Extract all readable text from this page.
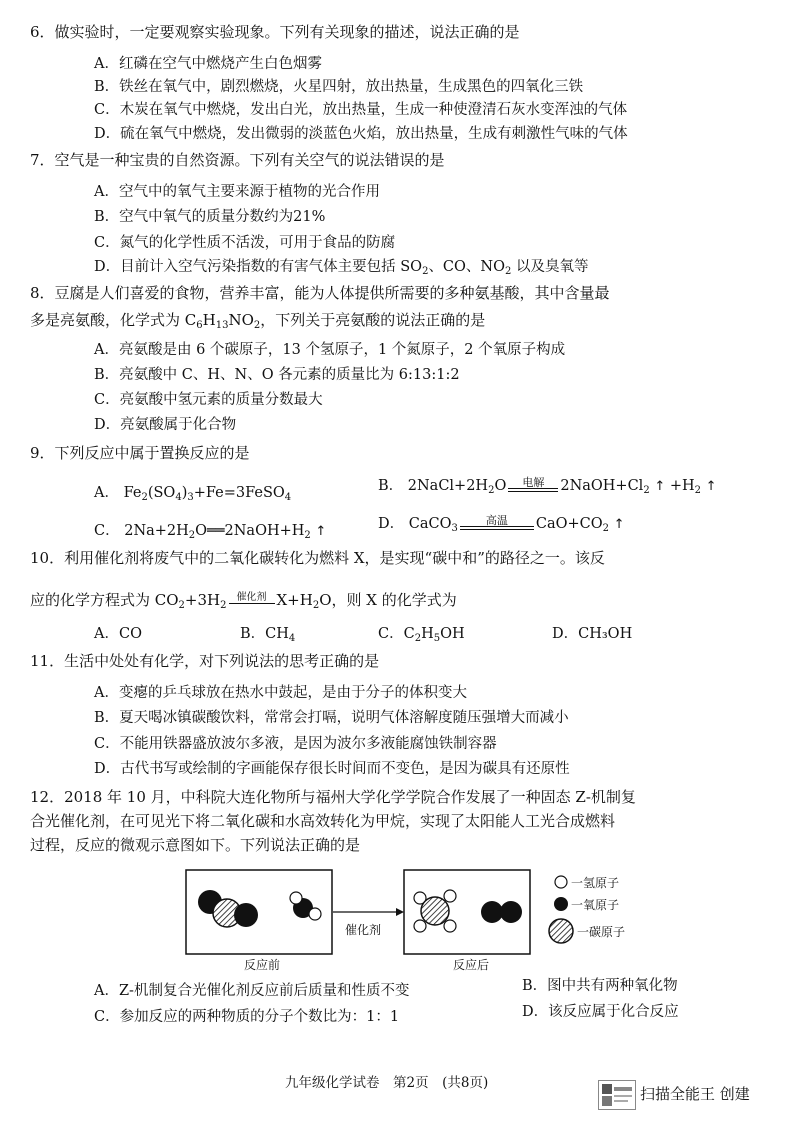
6．做实验时，一定要观察实验现象。下列有关现象的描述，说法正确的是
A．红磷在空气中燃烧产生白色烟雾
B．铁丝在氧气中，剧烈燃烧，火星四射，放出热量，生成黑色的四氧化三铁
C．木炭在氧气中燃烧，发出白光，放出热量，生成一种使澄清石灰水变浑浊的气体
D．硫在氧气中燃烧，发出微弱的淡蓝色火焰，放出热量，生成有刺激性气味的气体
7．空气是一种宝贵的自然资源。下列有关空气的说法错误的是
A．空气中的氧气主要来源于植物的光合作用
B．空气中氧气的质量分数约为21%
C．氮气的化学性质不活泼，可用于食品的防腐
D．目前计入空气污染指数的有害气体主要包括 $SO_2$、CO、$NO_2$ 以及臭氧等
8．豆腐是人们喜爱的食物，营养丰富，能为人体提供所需要的多种氨基酸，其中含量最
多是亮氨酸，化学式为 $C_6H_{13}NO_2$，下列关于亮氨酸的说法正确的是
A．亮氨酸是由 6 个碳原子，13 个氢原子，1 个氮原子，2 个氧原子构成
B．亮氨酸中 C、H、N、O 各元素的质量比为 6:13:1:2
C．亮氨酸中氢元素的质量分数最大
D．亮氨酸属于化合物
9．下列反应中属于置换反应的是
A． $Fe_2(SO_4)_3+Fe=3FeSO_4$
B． $2NaCl+2H_2O$	电解	$2NaOH+Cl_2$ ↑ $+H_2$ ↑
C． $2Na+2H_2O══2NaOH+H_2$ ↑	D． CaCO$_3$
高温	$CaO+CO_2$ ↑
10．利用催化剂将废气中的二氧化碳转化为燃料 X，是实现“碳中和”的路径之一。该反
应的化学方程式为 $CO_2+3H_2$
催化剂 $X+H_2O$，则 X 的化学式为
A．CO	B．$CH_4$	C．$C_2H_5OH$	D．CH₃OH
11．生活中处处有化学，对下列说法的思考正确的是
A．变瘪的乒乓球放在热水中鼓起，是由于分子的体积变大
B．夏天喝冰镇碳酸饮料，常常会打嗝，说明气体溶解度随压强增大而减小
C．不能用铁器盛放波尔多液，是因为波尔多液能腐蚀铁制容器
D．古代书写或绘制的字画能保存很长时间而不变色，是因为碳具有还原性
12．2018 年 10 月，中科院大连化物所与福州大学化学学院合作发展了一种固态 Z-机制复
合光催化剂，在可见光下将二氧化碳和水高效转化为甲烷，实现了太阳能人工光合成燃料
过程，反应的微观示意图如下。下列说法正确的是
催化剂
反应前	反应后
一氢原子
一氧原子
一碳原子
A．Z-机制复合光催化剂反应前后质量和性质不变	B．图中共有两种氧化物
C．参加反应的两种物质的分子个数比为：1：1	D．该反应属于化合反应
九年级化学试卷　第2页　(共8页)
扫描全能王 创建
